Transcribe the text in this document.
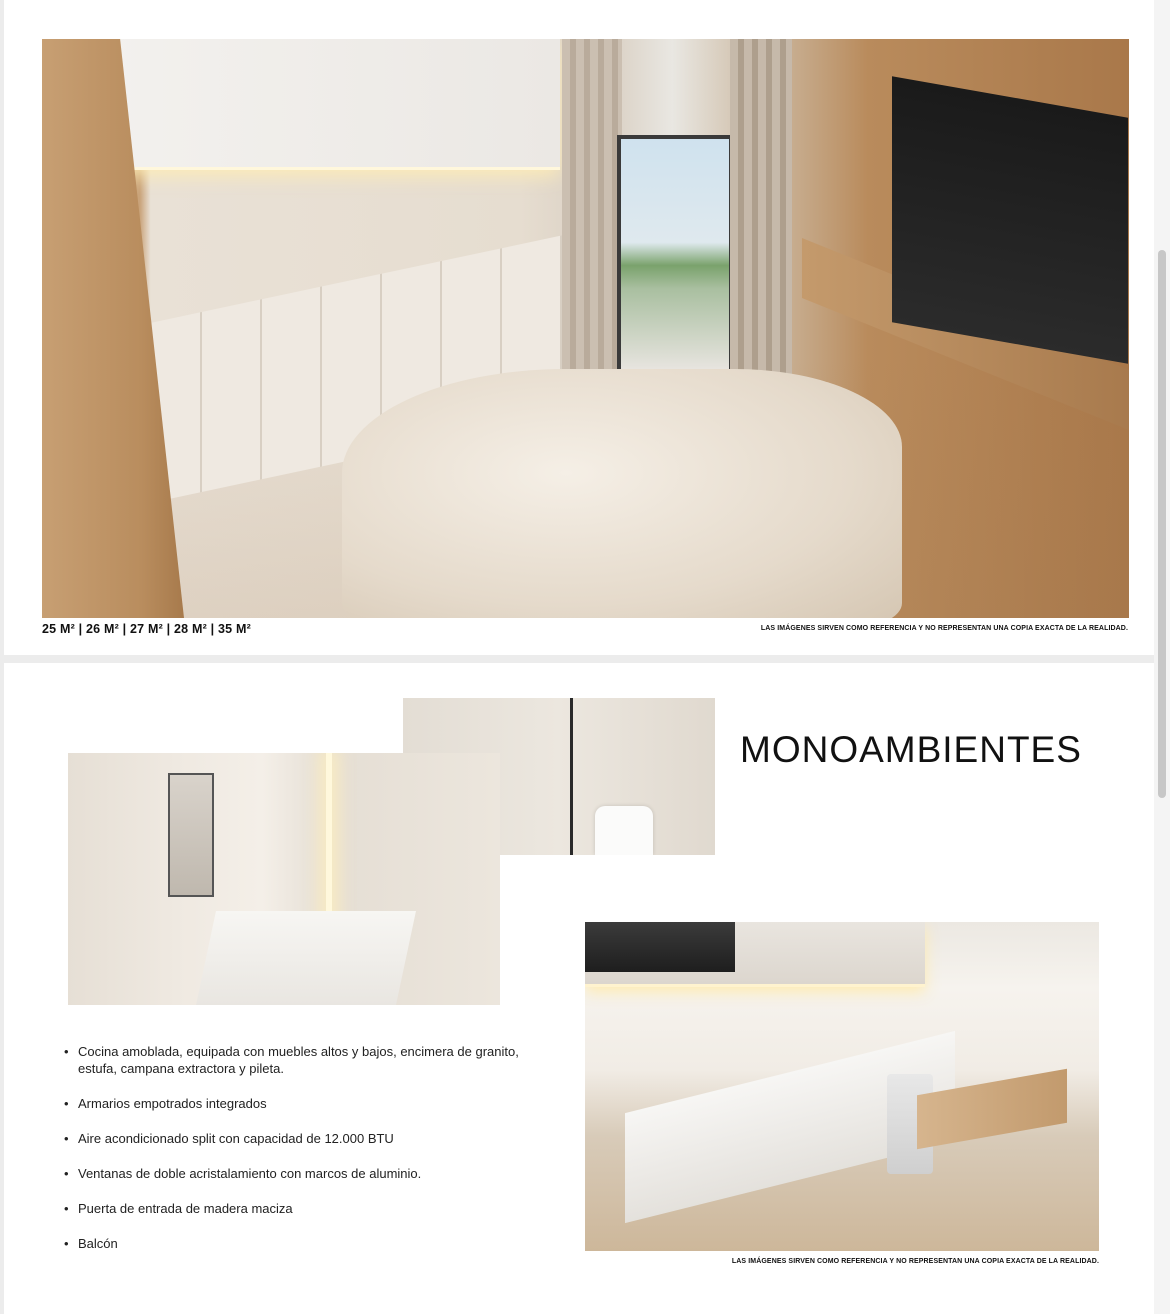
25 M² | 26 M² | 27 M² | 28 M² | 35 M²	LAS IMÁGENES SIRVEN COMO REFERENCIA Y NO REPRESENTAN UNA COPIA EXACTA DE LA REALIDAD.
MONOAMBIENTES
• Cocina amoblada, equipada con muebles altos y bajos, encimera de granito, estufa, campana extractora y pileta.
• Armarios empotrados integrados
• Aire acondicionado split con capacidad de 12.000 BTU
• Ventanas de doble acristalamiento con marcos de aluminio.
• Puerta de entrada de madera maciza
• Balcón
LAS IMÁGENES SIRVEN COMO REFERENCIA Y NO REPRESENTAN UNA COPIA EXACTA DE LA REALIDAD.
